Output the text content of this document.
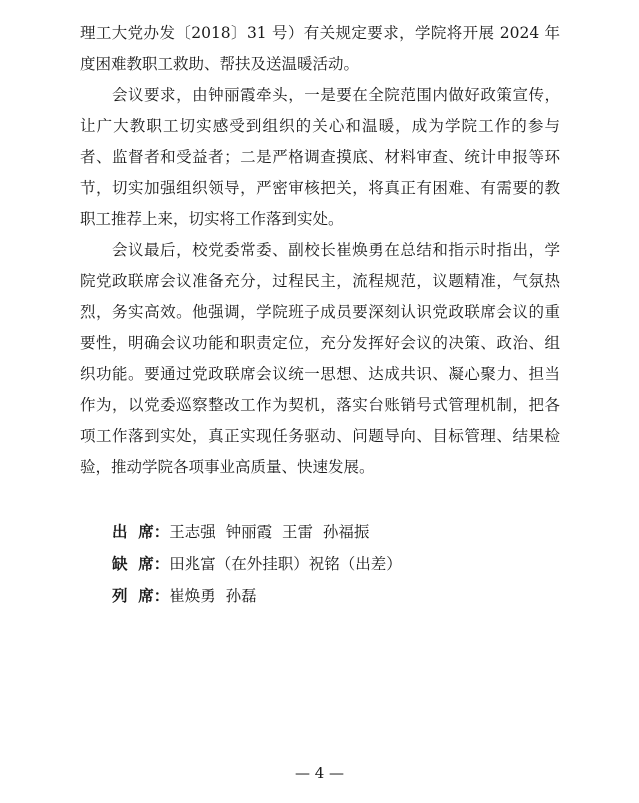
理工大党办发〔2018〕31 号）有关规定要求，学院将开展 2024 年度困难教职工救助、帮扶及送温暖活动。

会议要求，由钟丽霞牵头，一是要在全院范围内做好政策宣传，让广大教职工切实感受到组织的关心和温暖，成为学院工作的参与者、监督者和受益者；二是严格调查摸底、材料审查、统计申报等环节，切实加强组织领导，严密审核把关，将真正有困难、有需要的教职工推荐上来，切实将工作落到实处。

会议最后，校党委常委、副校长崔焕勇在总结和指示时指出，学院党政联席会议准备充分，过程民主，流程规范，议题精准，气氛热烈，务实高效。他强调，学院班子成员要深刻认识党政联席会议的重要性，明确会议功能和职责定位，充分发挥好会议的决策、政治、组织功能。要通过党政联席会议统一思想、达成共识、凝心聚力、担当作为，以党委巡察整改工作为契机，落实台账销号式管理机制，把各项工作落到实处，真正实现任务驱动、问题导向、目标管理、结果检验，推动学院各项事业高质量、快速发展。

出  席： 王志强  钟丽霞  王雷  孙福振
缺  席： 田兆富（在外挂职）祝铭（出差）
列  席： 崔焕勇  孙磊
— 4 —
